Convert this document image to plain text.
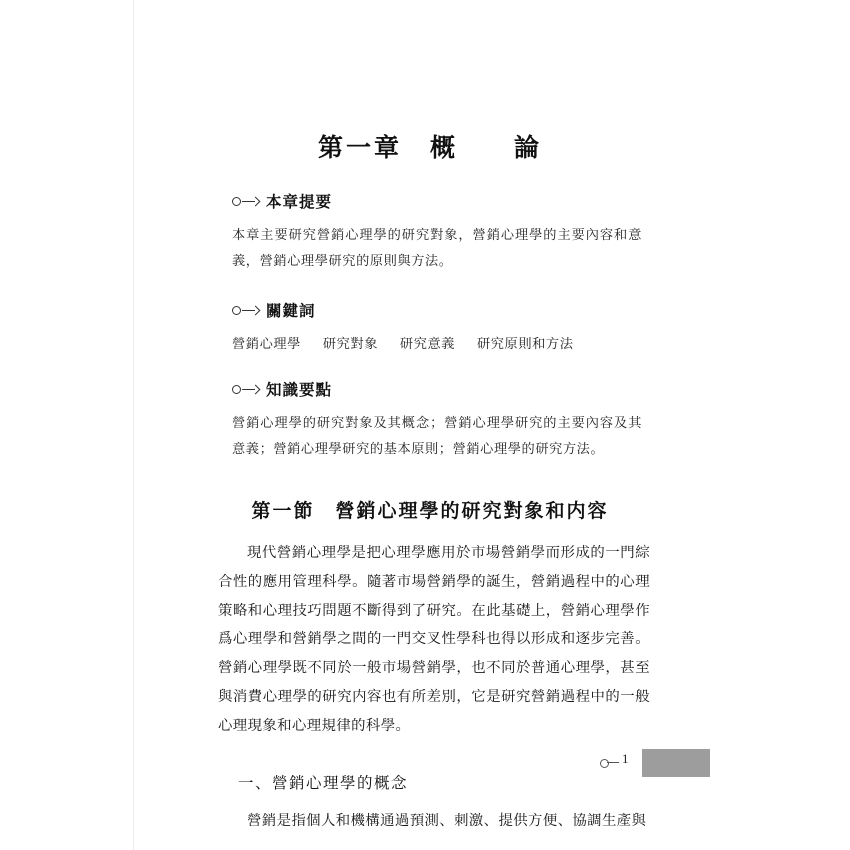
第一章　概　　論
本章提要
本章主要研究營銷心理學的研究對象，營銷心理學的主要內容和意義，營銷心理學研究的原則與方法。
關鍵詞
營銷心理學 研究對象 研究意義 研究原則和方法
知識要點
營銷心理學的研究對象及其概念；營銷心理學研究的主要內容及其意義；營銷心理學研究的基本原則；營銷心理學的研究方法。
第一節　營銷心理學的研究對象和内容
現代營銷心理學是把心理學應用於市場營銷學而形成的一門綜合性的應用管理科學。隨著市場營銷學的誕生，營銷過程中的心理策略和心理技巧問題不斷得到了研究。在此基礎上，營銷心理學作爲心理學和營銷學之間的一門交叉性學科也得以形成和逐步完善。營銷心理學既不同於一般市場營銷學，也不同於普通心理學，甚至與消費心理學的研究内容也有所差別，它是研究營銷過程中的一般心理現象和心理規律的科學。
一、營銷心理學的概念
營銷是指個人和機構通過預測、刺激、提供方便、協調生產與
1
